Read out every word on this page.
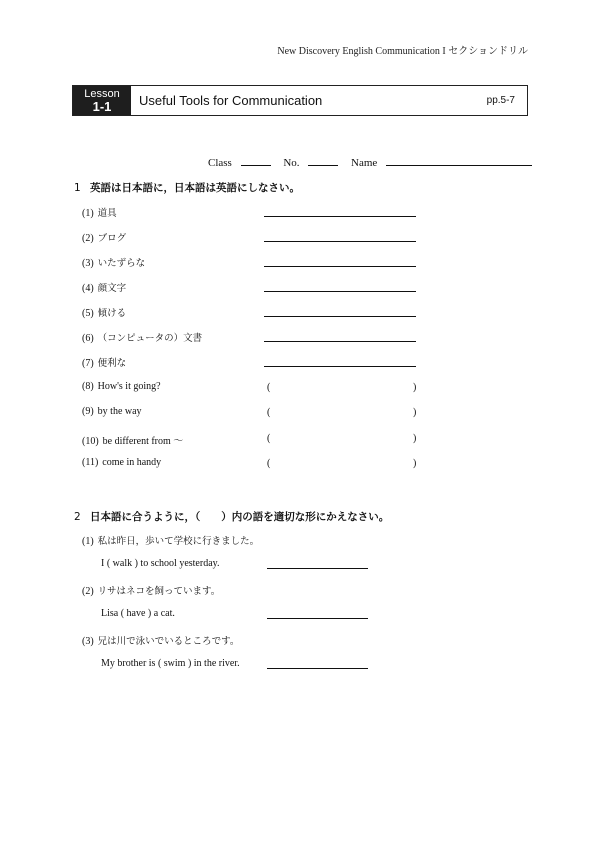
New Discovery English Communication I セクションドリル
Lesson
1-1	Useful Tools for Communication	pp.5-7
Class	No.	Name
1 英語は日本語に，日本語は英語にしなさい。
(1) 道具
(2) ブログ
(3) いたずらな
(4) 顔文字
(5) 傾ける
(6) （コンピュータの）文書
(7) 便利な
(8) How's it going?	(	)
(9) by the way	(	)
(10) be different from 〜	(	)
(11) come in handy	(	)
2 日本語に合うように，（　　）内の語を適切な形にかえなさい。
(1) 私は昨日，歩いて学校に行きました。
I ( walk ) to school yesterday.
(2) リサはネコを飼っています。
Lisa ( have ) a cat.
(3) 兄は川で泳いでいるところです。
My brother is ( swim ) in the river.
